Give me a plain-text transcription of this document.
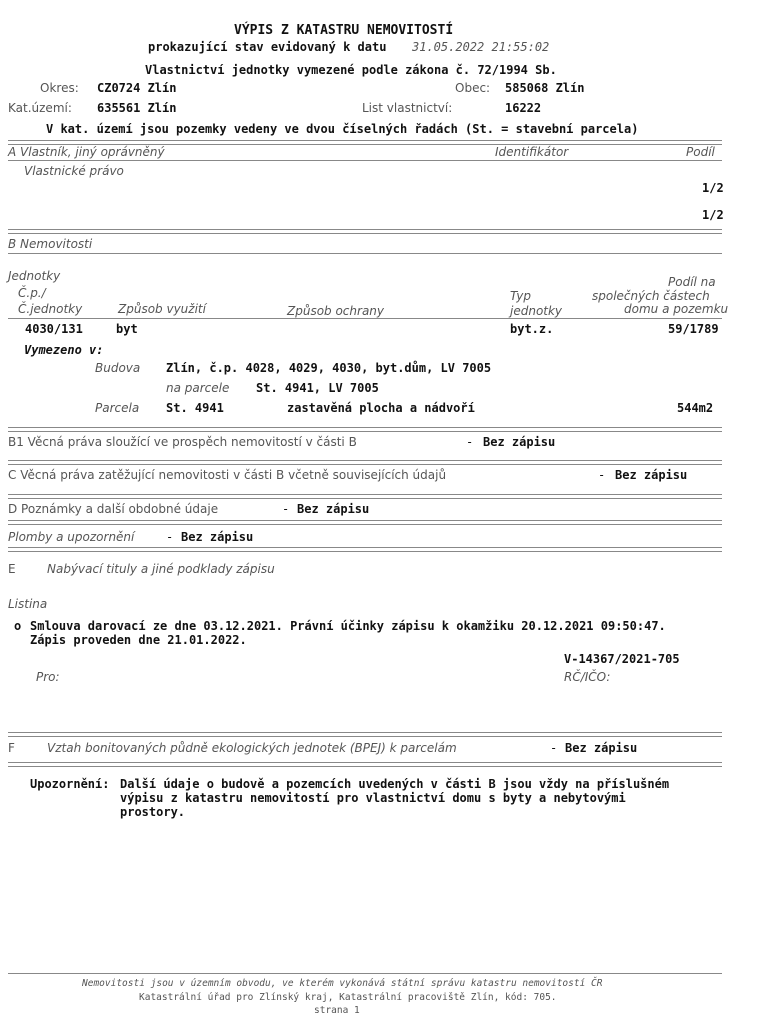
VÝPIS Z KATASTRU NEMOVITOSTÍ
prokazující stav evidovaný k datu 31.05.2022 21:55:02
Vlastnictví jednotky vymezené podle zákona č. 72/1994 Sb.
Okres: CZ0724 Zlín	Obec: 585068 Zlín
Kat.území: 635561 Zlín	List vlastnictví:	16222
V kat. území jsou pozemky vedeny ve dvou číselných řadách (St. = stavební parcela)
A Vlastník, jiný oprávněný	Identifikátor	Podíl
Vlastnické právo
1/2
1/2
B Nemovitosti
Jednotky	Podíl na
Č.p./	Typ	společných částech
Č.jednotky	Způsob využití	Způsob ochrany	jednotky	domu a pozemku
4030/131	byt	byt.z.	59/1789
Vymezeno v:
Budova Zlín, č.p. 4028, 4029, 4030, byt.dům, LV 7005
na parcele St. 4941, LV 7005
Parcela St. 4941	zastavěná plocha a nádvoří	544m2
B1 Věcná práva sloužící ve prospěch nemovitostí v části B	- Bez zápisu
C Věcná práva zatěžující nemovitosti v části B včetně souvisejících údajů	- Bez zápisu
D Poznámky a další obdobné údaje	- Bez zápisu
Plomby a upozornění	- Bez zápisu
E	Nabývací tituly a jiné podklady zápisu
Listina
o Smlouva darovací ze dne 03.12.2021. Právní účinky zápisu k okamžiku 20.12.2021 09:50:47.
Zápis proveden dne 21.01.2022.
V-14367/2021-705
Pro:	RČ/IČO:
F	Vztah bonitovaných půdně ekologických jednotek (BPEJ) k parcelám	- Bez zápisu
Upozornění: Další údaje o budově a pozemcích uvedených v části B jsou vždy na příslušném
výpisu z katastru nemovitostí pro vlastnictví domu s byty a nebytovými
prostory.
Nemovitosti jsou v územním obvodu, ve kterém vykonává státní správu katastru nemovitostí ČR
Katastrální úřad pro Zlínský kraj, Katastrální pracoviště Zlín, kód: 705.
strana 1
